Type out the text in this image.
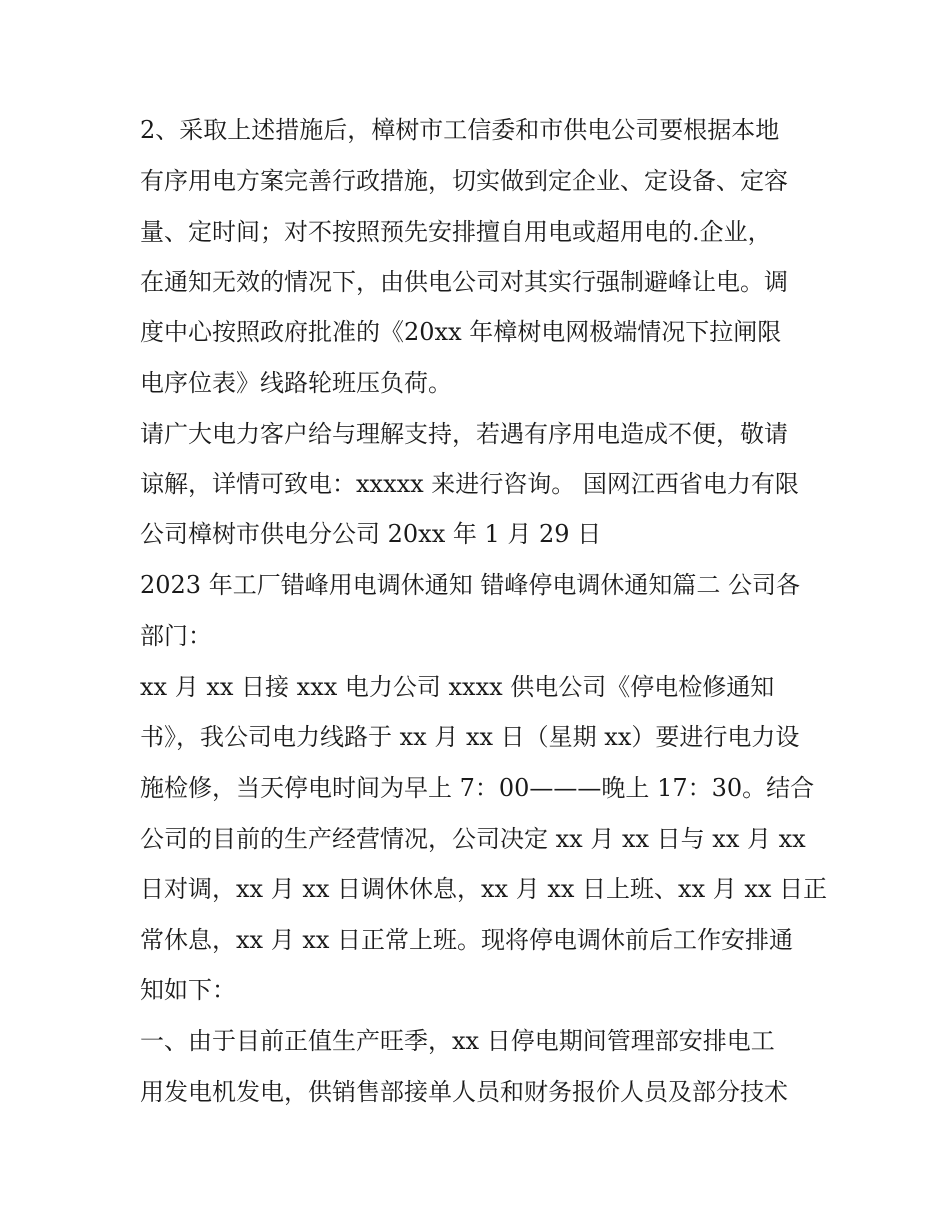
2、采取上述措施后，樟树市工信委和市供电公司要根据本地
有序用电方案完善行政措施，切实做到定企业、定设备、定容
量、定时间；对不按照预先安排擅自用电或超用电的.企业，
在通知无效的情况下，由供电公司对其实行强制避峰让电。调
度中心按照政府批准的《20xx 年樟树电网极端情况下拉闸限
电序位表》线路轮班压负荷。
请广大电力客户给与理解支持，若遇有序用电造成不便，敬请
谅解，详情可致电：xxxxx 来进行咨询。 国网江西省电力有限
公司樟树市供电分公司 20xx 年 1 月 29 日
2023 年工厂错峰用电调休通知 错峰停电调休通知篇二 公司各
部门：
xx 月 xx 日接 xxx 电力公司 xxxx 供电公司《停电检修通知
书》，我公司电力线路于 xx 月 xx 日（星期 xx）要进行电力设
施检修，当天停电时间为早上 7：00———晚上 17：30。结合
公司的目前的生产经营情况，公司决定 xx 月 xx 日与 xx 月 xx
日对调，xx 月 xx 日调休休息，xx 月 xx 日上班、xx 月 xx 日正
常休息，xx 月 xx 日正常上班。现将停电调休前后工作安排通
知如下：
一、由于目前正值生产旺季，xx 日停电期间管理部安排电工
用发电机发电，供销售部接单人员和财务报价人员及部分技术
